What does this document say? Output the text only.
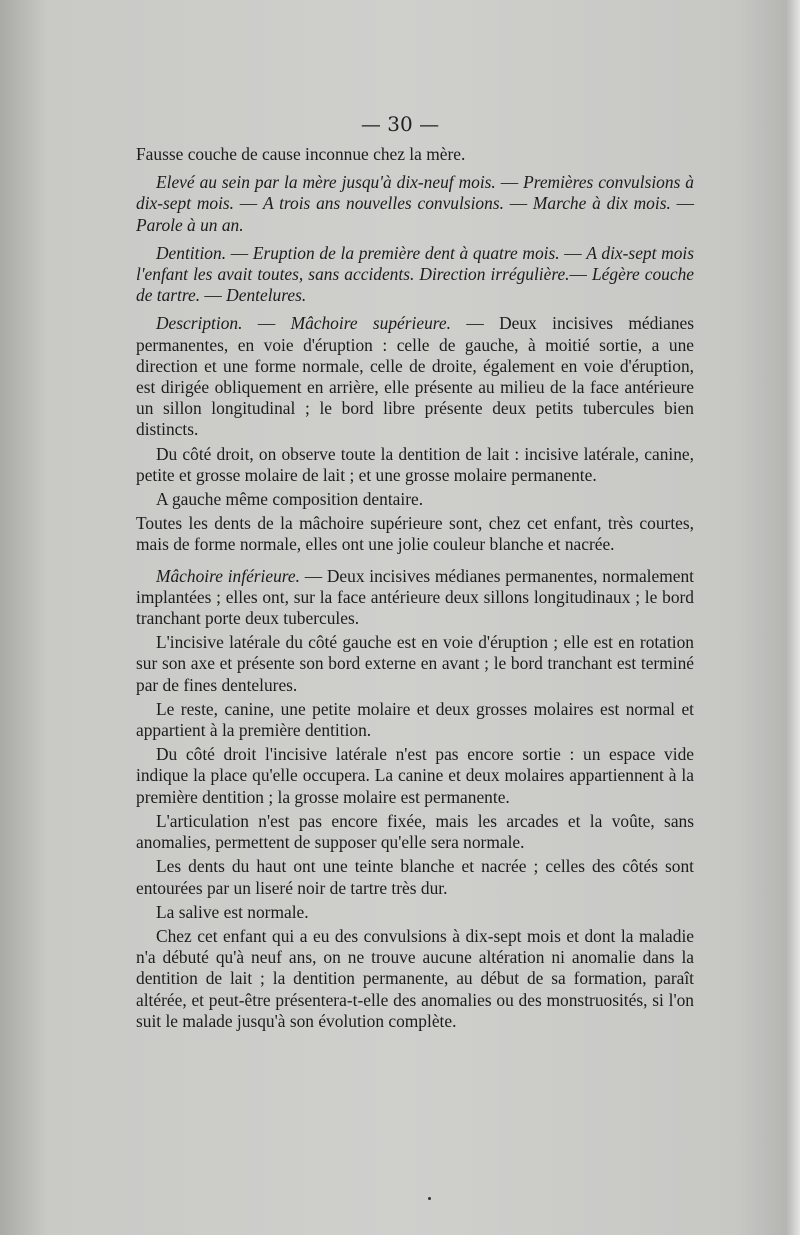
— 30 —

Fausse couche de cause inconnue chez la mère.

Elevé au sein par la mère jusqu'à dix-neuf mois. — Premières convulsions à dix-sept mois. — A trois ans nouvelles convulsions. — Marche à dix mois. — Parole à un an.

Dentition. — Eruption de la première dent à quatre mois. — A dix-sept mois l'enfant les avait toutes, sans accidents. Direction irrégulière.— Légère couche de tartre. — Dentelures.

Description. — Mâchoire supérieure. — Deux incisives médianes permanentes, en voie d'éruption : celle de gauche, à moitié sortie, a une direction et une forme normale, celle de droite, également en voie d'éruption, est dirigée obliquement en arrière, elle présente au milieu de la face antérieure un sillon longitudinal ; le bord libre présente deux petits tubercules bien distincts.

Du côté droit, on observe toute la dentition de lait : incisive latérale, canine, petite et grosse molaire de lait ; et une grosse molaire permanente.

A gauche même composition dentaire.

Toutes les dents de la mâchoire supérieure sont, chez cet enfant, très courtes, mais de forme normale, elles ont une jolie couleur blanche et nacrée.

Mâchoire inférieure. — Deux incisives médianes permanentes, normalement implantées ; elles ont, sur la face antérieure deux sillons longitudinaux ; le bord tranchant porte deux tubercules.

L'incisive latérale du côté gauche est en voie d'éruption ; elle est en rotation sur son axe et présente son bord externe en avant ; le bord tranchant est terminé par de fines dentelures.

Le reste, canine, une petite molaire et deux grosses molaires est normal et appartient à la première dentition.

Du côté droit l'incisive latérale n'est pas encore sortie : un espace vide indique la place qu'elle occupera. La canine et deux molaires appartiennent à la première dentition ; la grosse molaire est permanente.

L'articulation n'est pas encore fixée, mais les arcades et la voûte, sans anomalies, permettent de supposer qu'elle sera normale.

Les dents du haut ont une teinte blanche et nacrée ; celles des côtés sont entourées par un liseré noir de tartre très dur.

La salive est normale.

Chez cet enfant qui a eu des convulsions à dix-sept mois et dont la maladie n'a débuté qu'à neuf ans, on ne trouve aucune altération ni anomalie dans la dentition de lait ; la dentition permanente, au début de sa formation, paraît altérée, et peut-être présentera-t-elle des anomalies ou des monstruosités, si l'on suit le malade jusqu'à son évolution complète.
